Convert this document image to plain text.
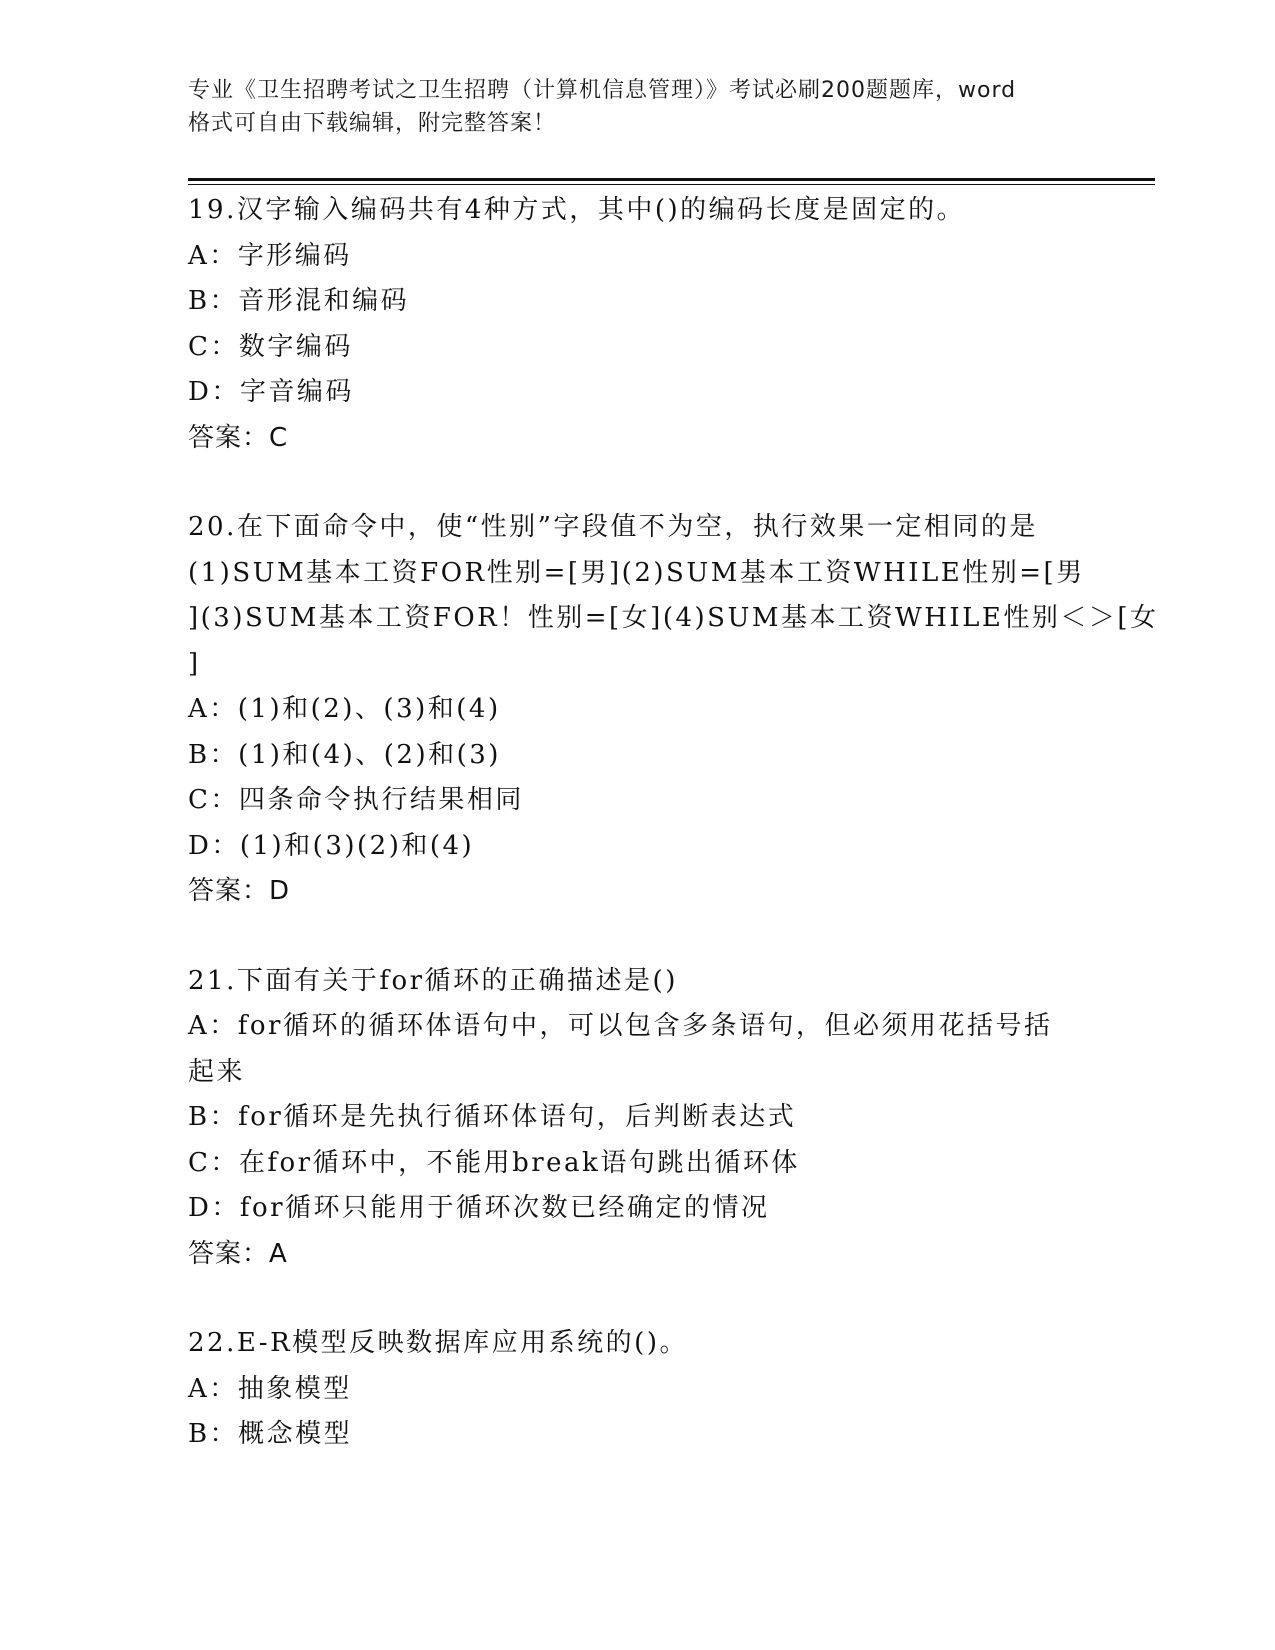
专业《卫生招聘考试之卫生招聘（计算机信息管理）》考试必刷200题题库，word
格式可自由下载编辑，附完整答案！
19.汉字输入编码共有4种方式，其中()的编码长度是固定的。
A：字形编码
B：音形混和编码
C：数字编码
D：字音编码
答案：C
20.在下面命令中，使“性别”字段值不为空，执行效果一定相同的是
(1)SUM基本工资FOR性别=[男](2)SUM基本工资WHILE性别=[男
](3)SUM基本工资FOR！性别=[女](4)SUM基本工资WHILE性别＜＞[女
]
A：(1)和(2)、(3)和(4)
B：(1)和(4)、(2)和(3)
C：四条命令执行结果相同
D：(1)和(3)(2)和(4)
答案：D
21.下面有关于for循环的正确描述是()
A：for循环的循环体语句中，可以包含多条语句，但必须用花括号括
起来
B：for循环是先执行循环体语句，后判断表达式
C：在for循环中，不能用break语句跳出循环体
D：for循环只能用于循环次数已经确定的情况
答案：A
22.E-R模型反映数据库应用系统的()。
A：抽象模型
B：概念模型
